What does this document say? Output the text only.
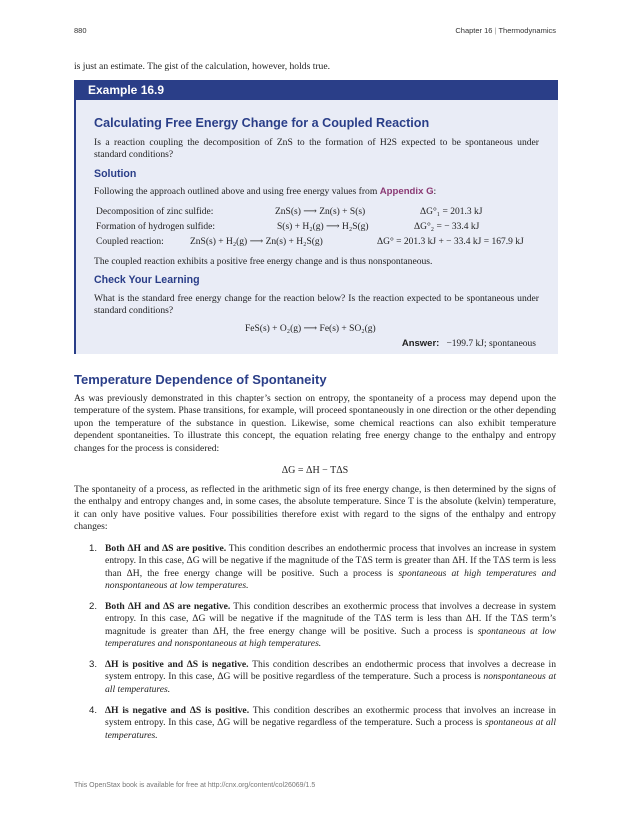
880	Chapter 16 | Thermodynamics
is just an estimate. The gist of the calculation, however, holds true.
Example 16.9
Calculating Free Energy Change for a Coupled Reaction
Is a reaction coupling the decomposition of ZnS to the formation of H2S expected to be spontaneous under standard conditions?
Solution
Following the approach outlined above and using free energy values from Appendix G:
Decomposition of zinc sulfide:	ZnS(s) ⟶ Zn(s) + S(s)	ΔG°₁ = 201.3 kJ
Formation of hydrogen sulfide:	S(s) + H₂(g) ⟶ H₂S(g)	ΔG°₂ = − 33.4 kJ
Coupled reaction:	ZnS(s) + H₂(g) ⟶ Zn(s) + H₂S(g)	ΔG° = 201.3 kJ + − 33.4 kJ = 167.9 kJ
The coupled reaction exhibits a positive free energy change and is thus nonspontaneous.
Check Your Learning
What is the standard free energy change for the reaction below? Is the reaction expected to be spontaneous under standard conditions?
FeS(s) + O₂(g) ⟶ Fe(s) + SO₂(g)
Answer: −199.7 kJ; spontaneous
Temperature Dependence of Spontaneity
As was previously demonstrated in this chapter’s section on entropy, the spontaneity of a process may depend upon the temperature of the system. Phase transitions, for example, will proceed spontaneously in one direction or the other depending upon the temperature of the substance in question. Likewise, some chemical reactions can also exhibit temperature dependent spontaneities. To illustrate this concept, the equation relating free energy change to the enthalpy and entropy changes for the process is considered:
ΔG = ΔH − TΔS
The spontaneity of a process, as reflected in the arithmetic sign of its free energy change, is then determined by the signs of the enthalpy and entropy changes and, in some cases, the absolute temperature. Since T is the absolute (kelvin) temperature, it can only have positive values. Four possibilities therefore exist with regard to the signs of the enthalpy and entropy changes:
1. Both ΔH and ΔS are positive. This condition describes an endothermic process that involves an increase in system entropy. In this case, ΔG will be negative if the magnitude of the TΔS term is greater than ΔH. If the TΔS term is less than ΔH, the free energy change will be positive. Such a process is spontaneous at high temperatures and nonspontaneous at low temperatures.
2. Both ΔH and ΔS are negative. This condition describes an exothermic process that involves a decrease in system entropy. In this case, ΔG will be negative if the magnitude of the TΔS term is less than ΔH. If the TΔS term’s magnitude is greater than ΔH, the free energy change will be positive. Such a process is spontaneous at low temperatures and nonspontaneous at high temperatures.
3. ΔH is positive and ΔS is negative. This condition describes an endothermic process that involves a decrease in system entropy. In this case, ΔG will be positive regardless of the temperature. Such a process is nonspontaneous at all temperatures.
4. ΔH is negative and ΔS is positive. This condition describes an exothermic process that involves an increase in system entropy. In this case, ΔG will be negative regardless of the temperature. Such a process is spontaneous at all temperatures.
This OpenStax book is available for free at http://cnx.org/content/col26069/1.5
